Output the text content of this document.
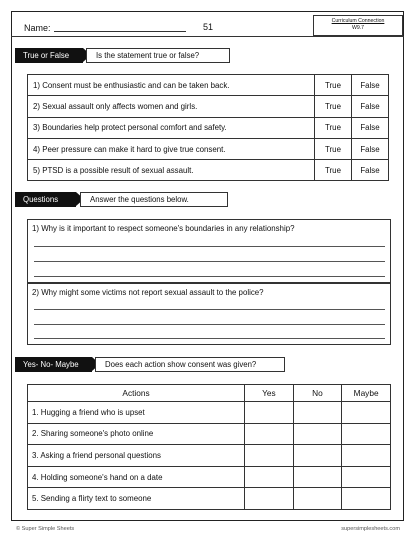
Name:	51
Curriculum Connection
W9.7
True or False	Is the statement true or false?
1) Consent must be enthusiastic and can be taken back.	True	False
2) Sexual assault only affects women and girls.	True	False
3) Boundaries help protect personal comfort and safety.	True	False
4) Peer pressure can make it hard to give true consent.	True	False
5) PTSD is a possible result of sexual assault.	True	False
Questions	Answer the questions below.
1) Why is it important to respect someone's boundaries in any relationship?
2) Why might some victims not report sexual assault to the police?
Yes- No- Maybe	Does each action show consent was given?
Actions	Yes	No	Maybe
1. Hugging a friend who is upset			
2. Sharing someone's photo online			
3. Asking a friend personal questions			
4. Holding someone's hand on a date			
5. Sending a flirty text to someone			
© Super Simple Sheets	supersimplesheets.com
